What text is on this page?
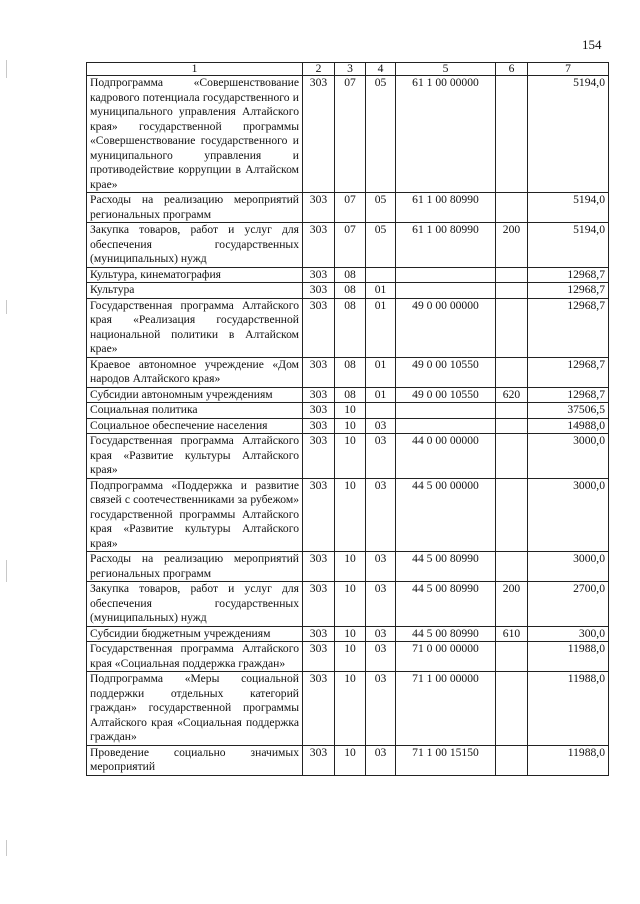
154
1	2	3	4	5	6	7
Подпрограмма «Совершенствование кадрового потенциала государственного и муниципального управления Алтайского края» государственной программы «Совершенствование государственного и муниципального управления и противодействие коррупции в Алтайском крае»	303	07	05	61 1 00 00000		5194,0
Расходы на реализацию мероприятий региональных программ	303	07	05	61 1 00 80990		5194,0
Закупка товаров, работ и услуг для обеспечения государственных (муниципальных) нужд	303	07	05	61 1 00 80990	200	5194,0
Культура, кинематография	303	08				12968,7
Культура	303	08	01			12968,7
Государственная программа Алтайского края «Реализация государственной национальной политики в Алтайском крае»	303	08	01	49 0 00 00000		12968,7
Краевое автономное учреждение «Дом народов Алтайского края»	303	08	01	49 0 00 10550		12968,7
Субсидии автономным учреждениям	303	08	01	49 0 00 10550	620	12968,7
Социальная политика	303	10				37506,5
Социальное обеспечение населения	303	10	03			14988,0
Государственная программа Алтайского края «Развитие культуры Алтайского края»	303	10	03	44 0 00 00000		3000,0
Подпрограмма «Поддержка и развитие связей с соотечественниками за рубежом» государственной программы Алтайского края «Развитие культуры Алтайского края»	303	10	03	44 5 00 00000		3000,0
Расходы на реализацию мероприятий региональных программ	303	10	03	44 5 00 80990		3000,0
Закупка товаров, работ и услуг для обеспечения государственных (муниципальных) нужд	303	10	03	44 5 00 80990	200	2700,0
Субсидии бюджетным учреждениям	303	10	03	44 5 00 80990	610	300,0
Государственная программа Алтайского края «Социальная поддержка граждан»	303	10	03	71 0 00 00000		11988,0
Подпрограмма «Меры социальной поддержки отдельных категорий граждан» государственной программы Алтайского края «Социальная поддержка граждан»	303	10	03	71 1 00 00000		11988,0
Проведение социально значимых мероприятий	303	10	03	71 1 00 15150		11988,0
